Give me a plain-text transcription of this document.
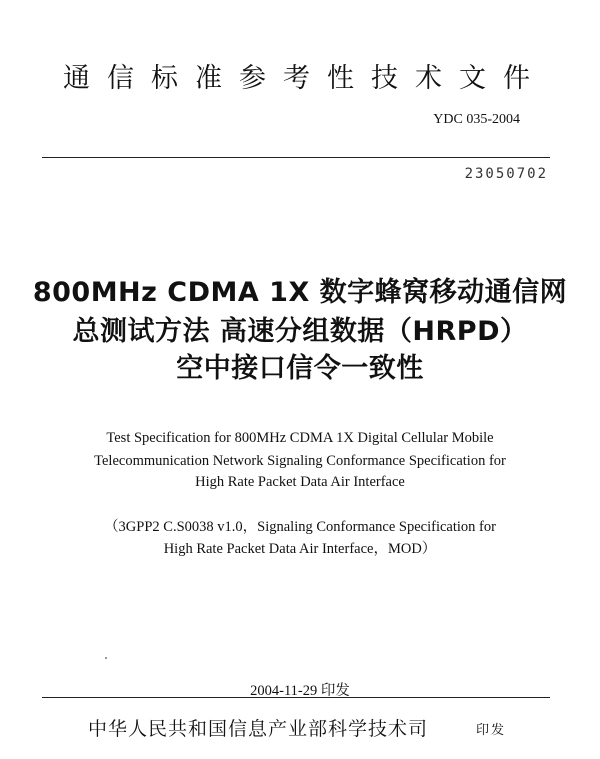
通信标准参考性技术文件
YDC 035-2004
23050702
800MHz CDMA 1X 数字蜂窝移动通信网
总测试方法 高速分组数据（HRPD）
空中接口信令一致性
Test Specification for 800MHz CDMA 1X Digital Cellular Mobile
Telecommunication Network Signaling Conformance Specification for
High Rate Packet Data Air Interface
（3GPP2 C.S0038 v1.0，Signaling Conformance Specification for
High Rate Packet Data Air Interface，MOD）
2004-11-29 印发
中华人民共和国信息产业部科学技术司	印发
